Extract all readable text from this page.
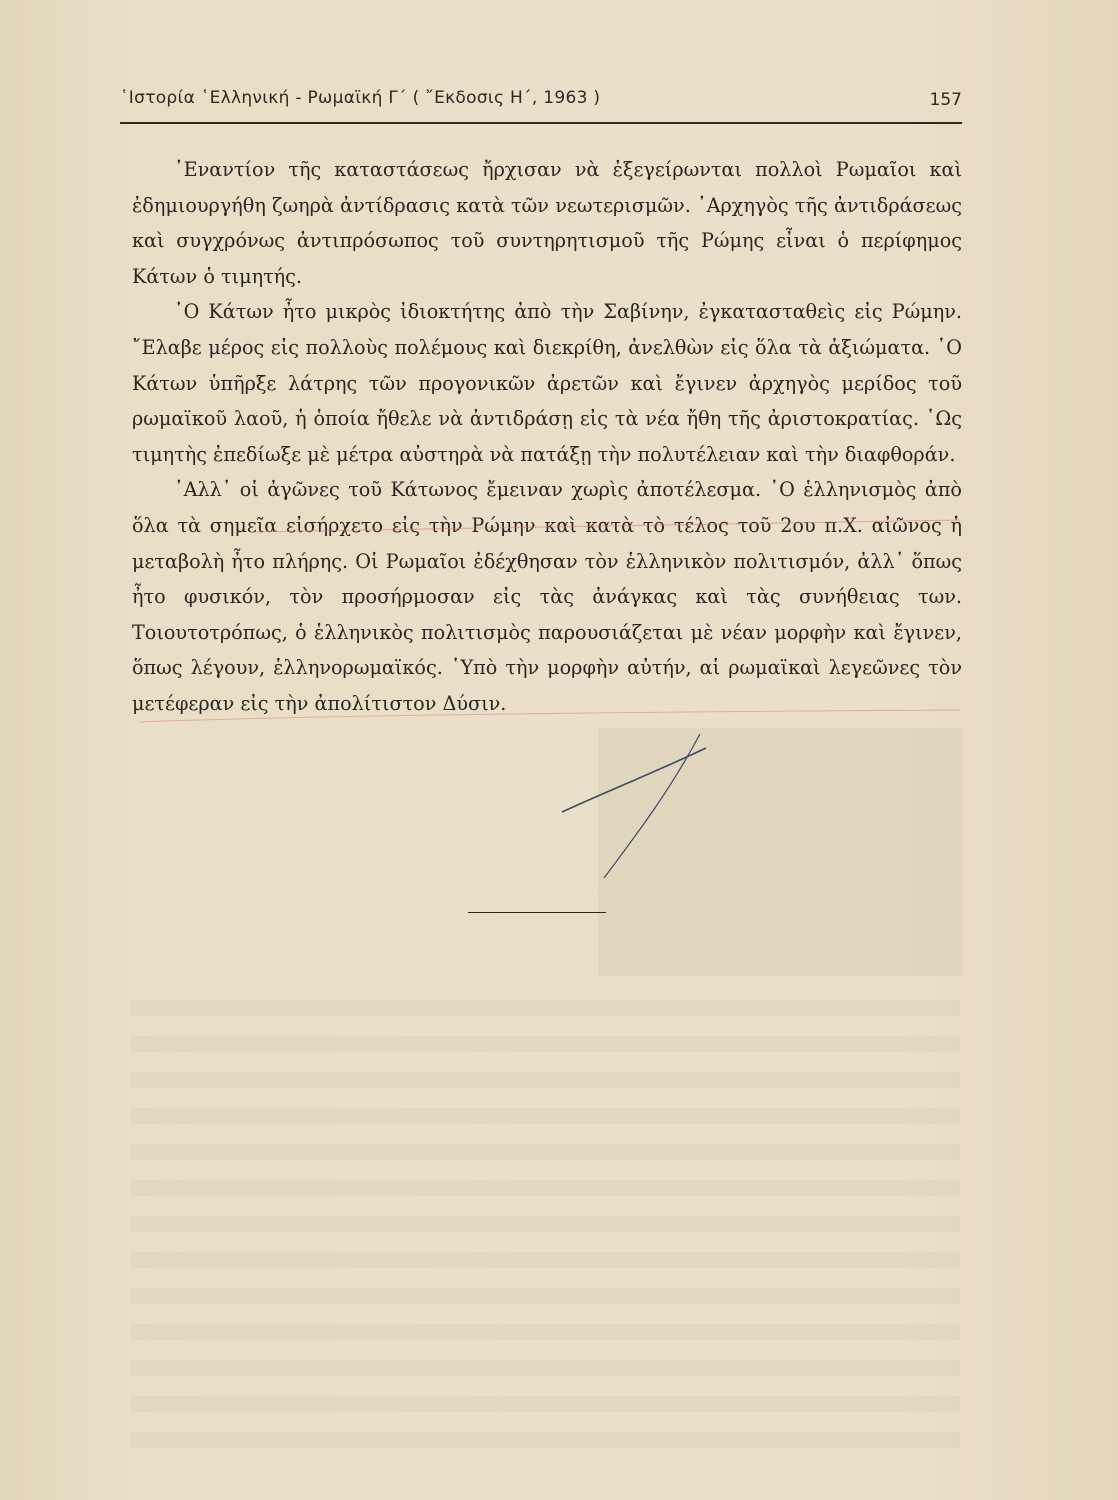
῾Ιστορία ῾Ελληνική - Ρωμαϊκή Γ΄ ( ῎Εκδοσις Η΄, 1963 )	157

᾿Εναντίον τῆς καταστάσεως ἤρχισαν νὰ ἐξεγείρωνται πολλοὶ Ρωμαῖοι καὶ ἐδημιουργήθη ζωηρὰ ἀντίδρασις κατὰ τῶν νεωτερισμῶν. ᾿Αρχηγὸς τῆς ἀντιδράσεως καὶ συγχρόνως ἀντιπρόσωπος τοῦ συντηρητισμοῦ τῆς Ρώμης εἶναι ὁ περίφημος Κάτων ὁ τιμητής.

῾Ο Κάτων ἦτο μικρὸς ἰδιοκτήτης ἀπὸ τὴν Σαβίνην, ἐγκατασταθεὶς εἰς Ρώμην. ῎Ελαβε μέρος εἰς πολλοὺς πολέμους καὶ διεκρίθη, ἀνελθὼν εἰς ὅλα τὰ ἀξιώματα. ῾Ο Κάτων ὑπῆρξε λάτρης τῶν προγονικῶν ἀρετῶν καὶ ἔγινεν ἀρχηγὸς μερίδος τοῦ ρωμαϊκοῦ λαοῦ, ἡ ὁποία ἤθελε νὰ ἀντιδράσῃ εἰς τὰ νέα ἤθη τῆς ἀριστοκρατίας. ῾Ως τιμητὴς ἐπεδίωξε μὲ μέτρα αὐστηρὰ νὰ πατάξῃ τὴν πολυτέλειαν καὶ τὴν διαφθοράν.

᾿Αλλ᾿ οἱ ἀγῶνες τοῦ Κάτωνος ἔμειναν χωρὶς ἀποτέλεσμα. ῾Ο ἑλληνισμὸς ἀπὸ ὅλα τὰ σημεῖα εἰσήρχετο εἰς τὴν Ρώμην καὶ κατὰ τὸ τέλος τοῦ 2ου π.Χ. αἰῶνος ἡ μεταβολὴ ἦτο πλήρης. Οἱ Ρωμαῖοι ἐδέχθησαν τὸν ἑλληνικὸν πολιτισμόν, ἀλλ᾿ ὅπως ἦτο φυσικόν, τὸν προσήρμοσαν εἰς τὰς ἀνάγκας καὶ τὰς συνήθειας των. Τοιουτοτρόπως, ὁ ἑλληνικὸς πολιτισμὸς παρουσιάζεται μὲ νέαν μορφὴν καὶ ἔγινεν, ὅπως λέγουν, ἑλληνορωμαϊκός. ῾Υπὸ τὴν μορφὴν αὐτήν, αἱ ρωμαϊκαὶ λεγεῶνες τὸν μετέφεραν εἰς τὴν ἀπολίτιστον Δύσιν.
